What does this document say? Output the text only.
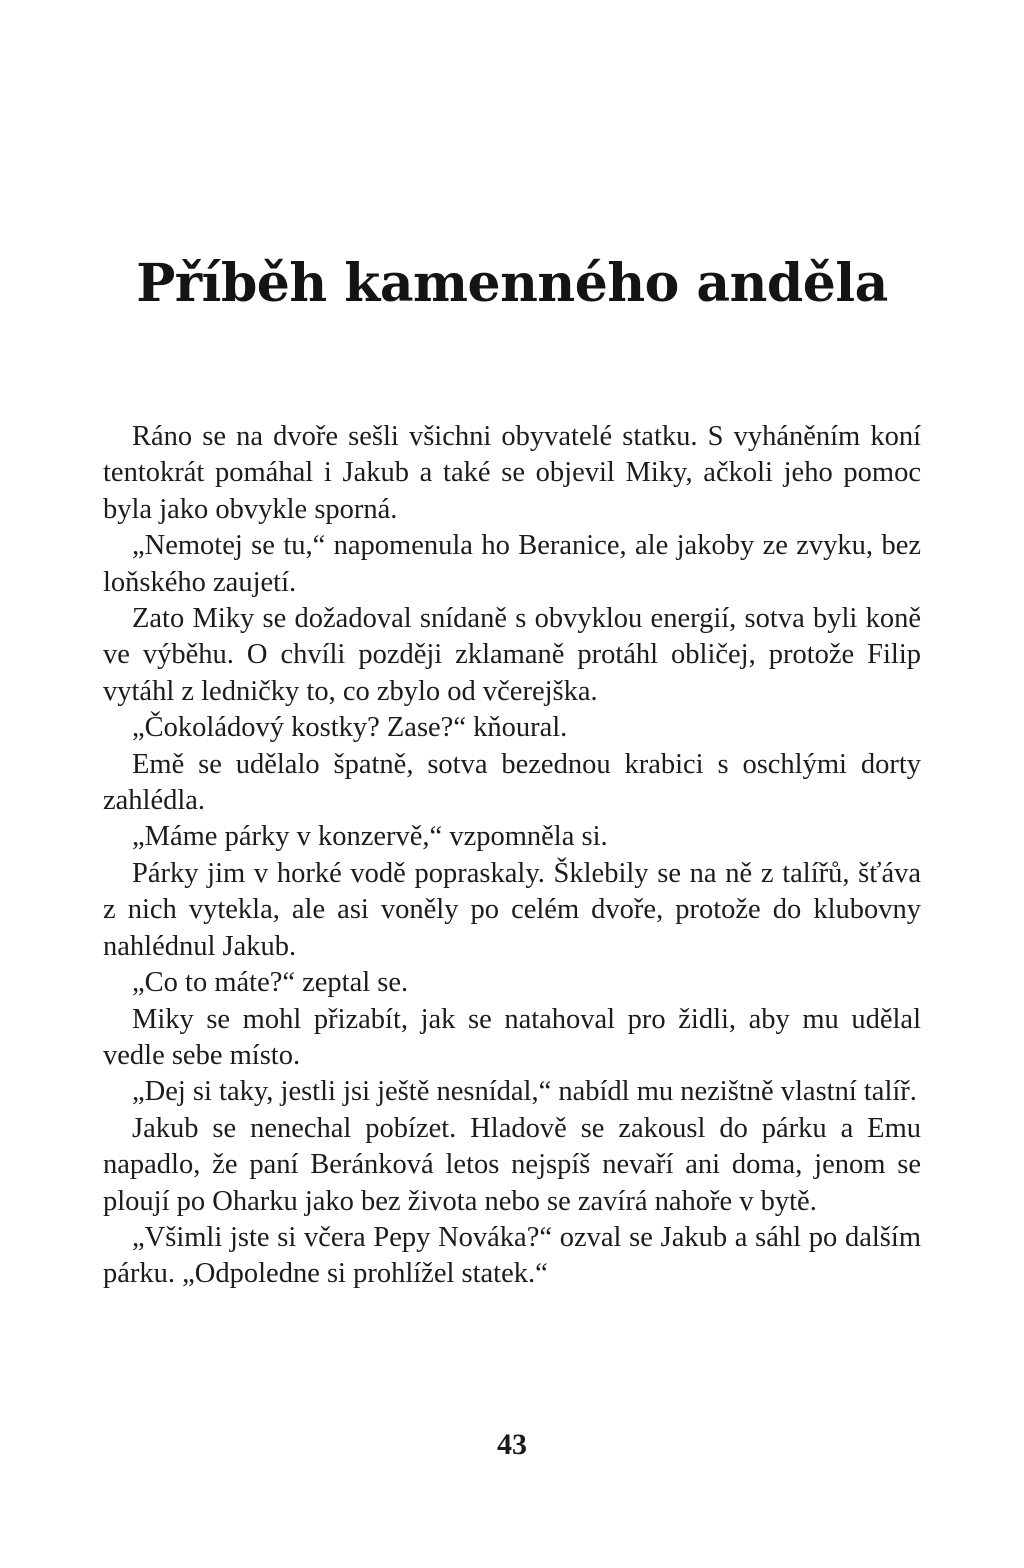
Příběh kamenného anděla

Ráno se na dvoře sešli všichni obyvatelé statku. S vyháněním koní tentokrát pomáhal i Jakub a také se objevil Miky, ačkoli jeho pomoc byla jako obvykle sporná.

„Nemotej se tu,“ napomenula ho Beranice, ale jakoby ze zvyku, bez loňského zaujetí.

Zato Miky se dožadoval snídaně s obvyklou energií, sotva byli koně ve výběhu. O chvíli později zklamaně protáhl obličej, protože Filip vytáhl z ledničky to, co zbylo od včerejška.

„Čokoládový kostky? Zase?“ kňoural.

Emě se udělalo špatně, sotva bezednou krabici s oschlými dorty zahlédla.

„Máme párky v konzervě,“ vzpomněla si.

Párky jim v horké vodě popraskaly. Šklebily se na ně z talířů, šťáva z nich vytekla, ale asi voněly po celém dvoře, protože do klubovny nahlédnul Jakub.

„Co to máte?“ zeptal se.

Miky se mohl přizabít, jak se natahoval pro židli, aby mu udělal vedle sebe místo.

„Dej si taky, jestli jsi ještě nesnídal,“ nabídl mu nezištně vlastní talíř.

Jakub se nenechal pobízet. Hladově se zakousl do párku a Emu napadlo, že paní Beránková letos nejspíš nevaří ani doma, jenom se ploují po Oharku jako bez života nebo se zavírá nahoře v bytě.

„Všimli jste si včera Pepy Nováka?“ ozval se Jakub a sáhl po dalším párku. „Odpoledne si prohlížel statek.“

43
